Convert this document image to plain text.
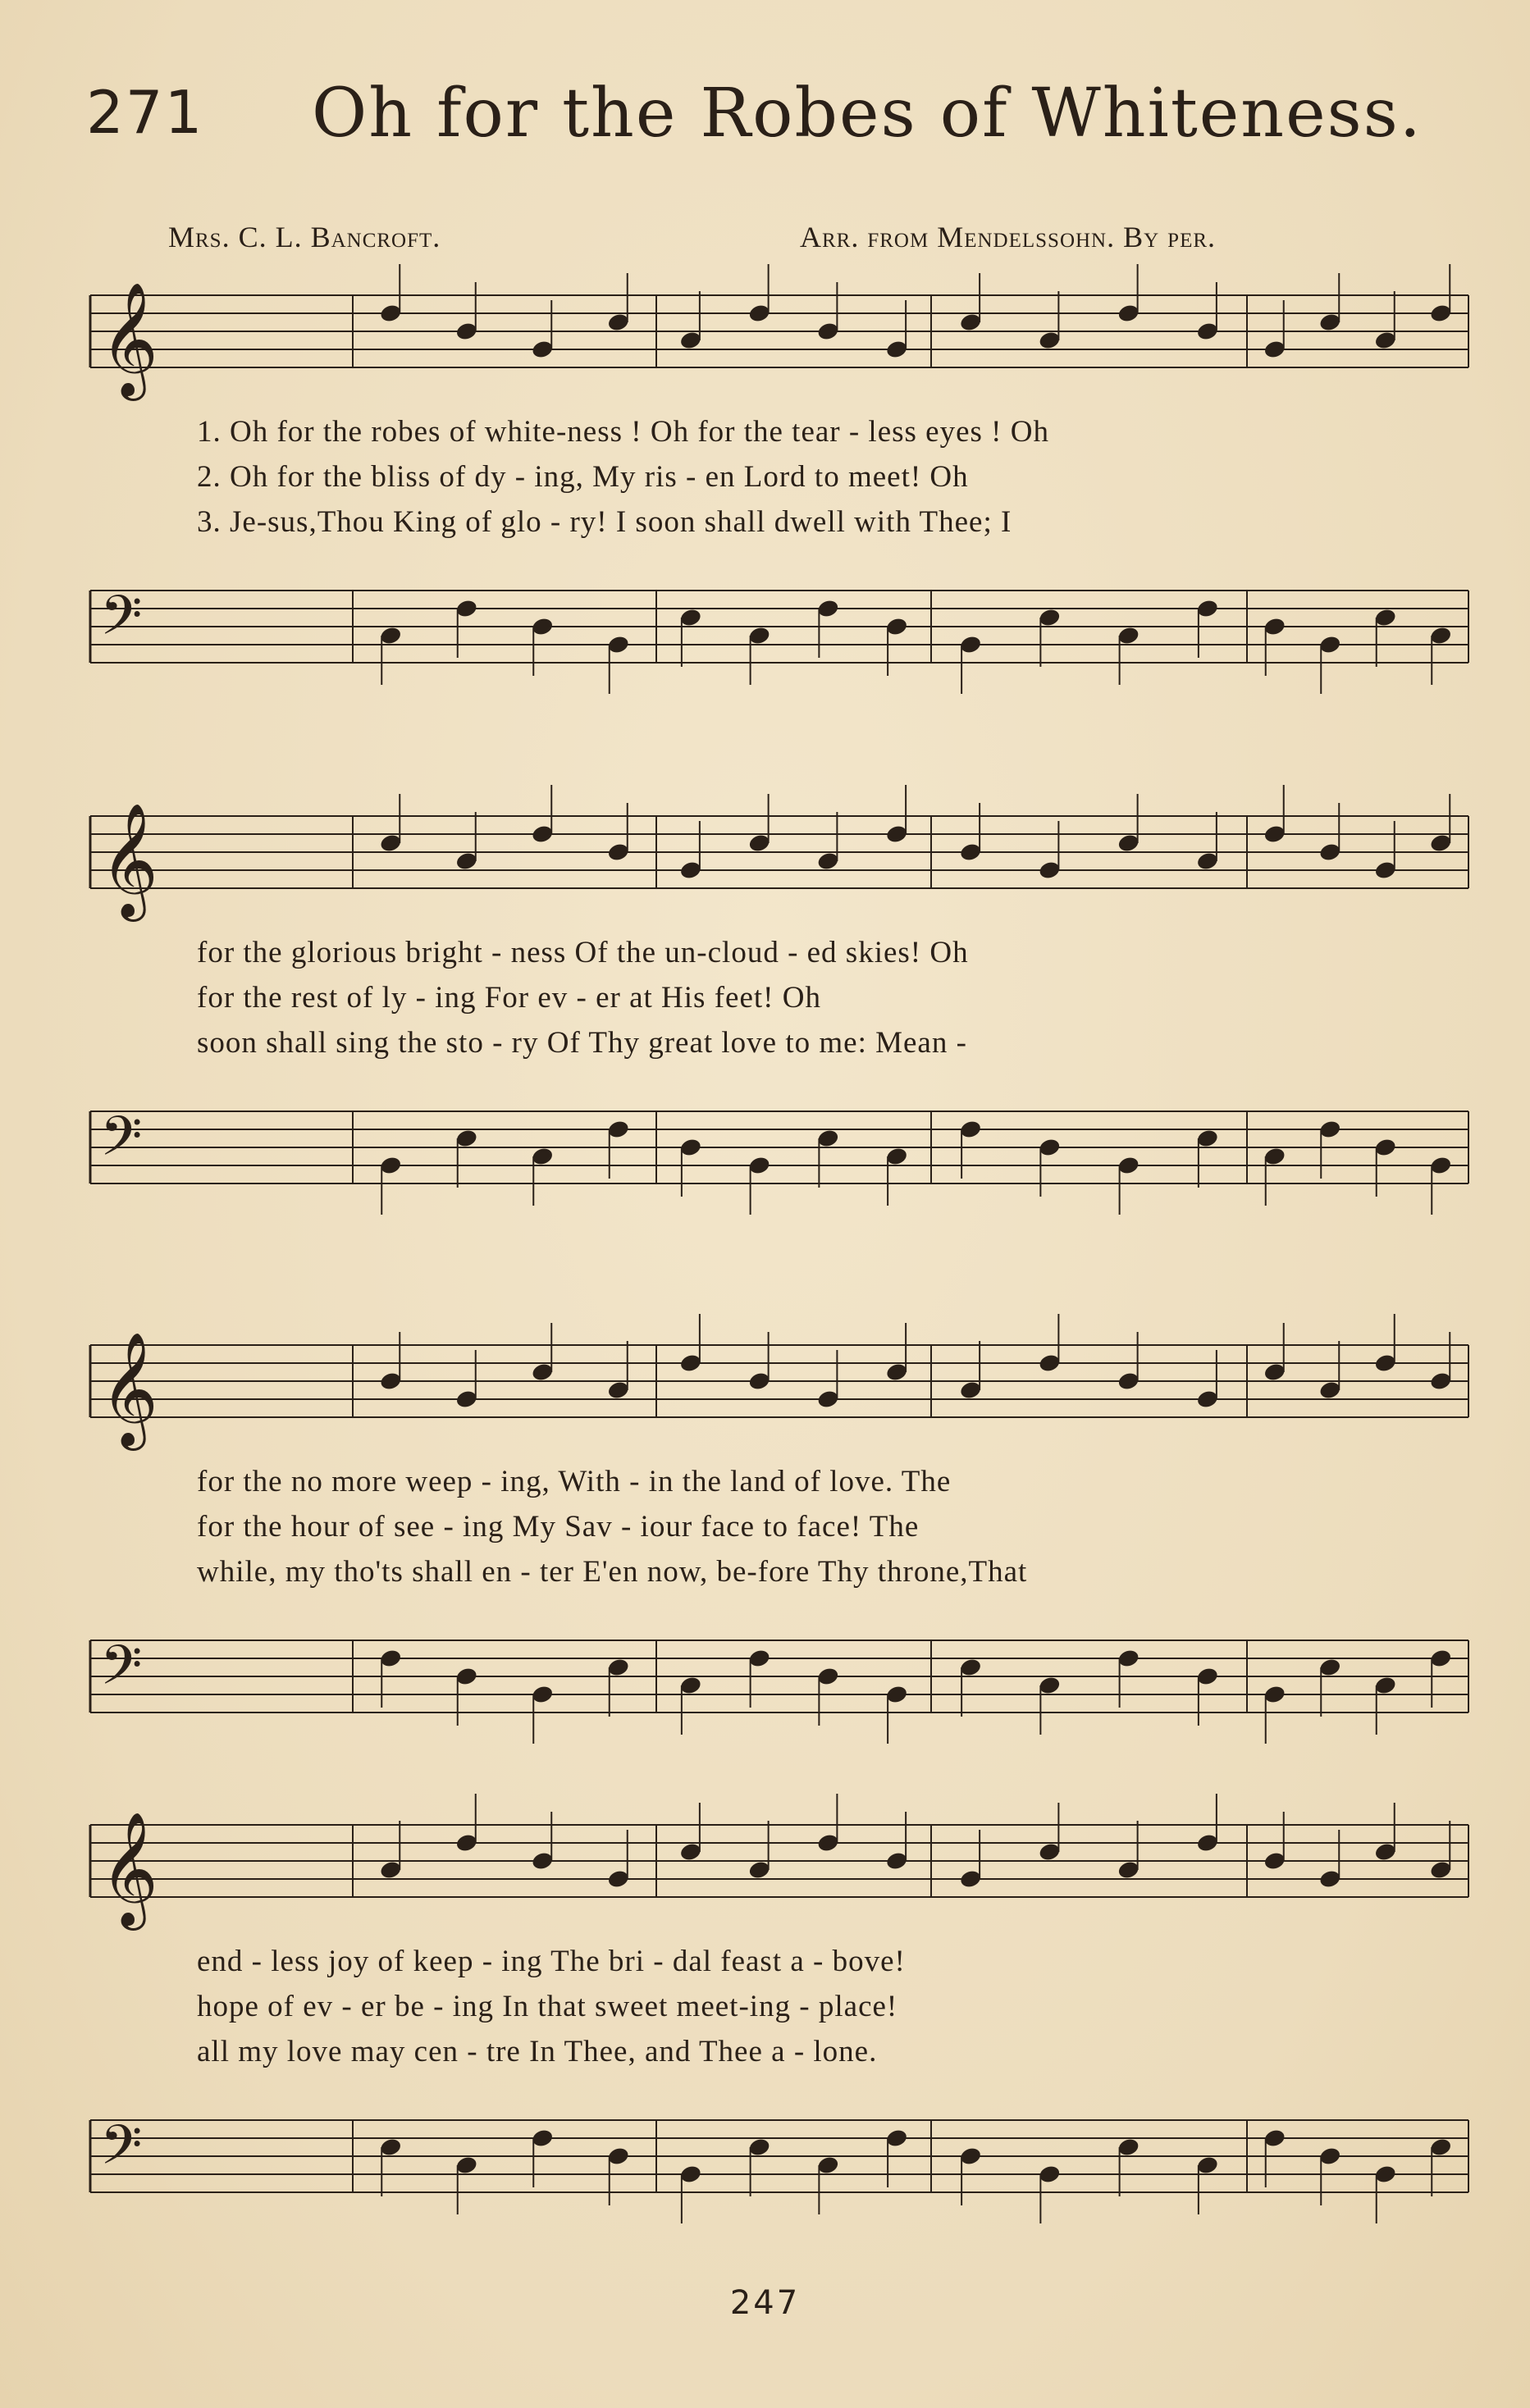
271 Oh for the Robes of Whiteness.
Mrs. C. L. Bancroft.	Arr. from Mendelssohn. By per.
𝄞
1. Oh for the robes of white-ness ! Oh for the tear - less eyes ! Oh
2. Oh for the bliss of dy - ing, My ris - en Lord to meet! Oh
3. Je-sus,Thou King of glo - ry! I soon shall dwell with Thee; I
𝄢
𝄞
for the glorious bright - ness Of the un-cloud - ed skies! Oh
for the rest of ly - ing For ev - er at His feet! Oh
soon shall sing the sto - ry Of Thy great love to me: Mean -
𝄢
𝄞
for the no more weep - ing, With - in the land of love. The
for the hour of see - ing My Sav - iour face to face! The
while, my tho'ts shall en - ter E'en now, be-fore Thy throne,That
𝄢
𝄞
end - less joy of keep - ing The bri - dal feast a - bove!
hope of ev - er be - ing In that sweet meet-ing - place!
all my love may cen - tre In Thee, and Thee a - lone.
𝄢
247
